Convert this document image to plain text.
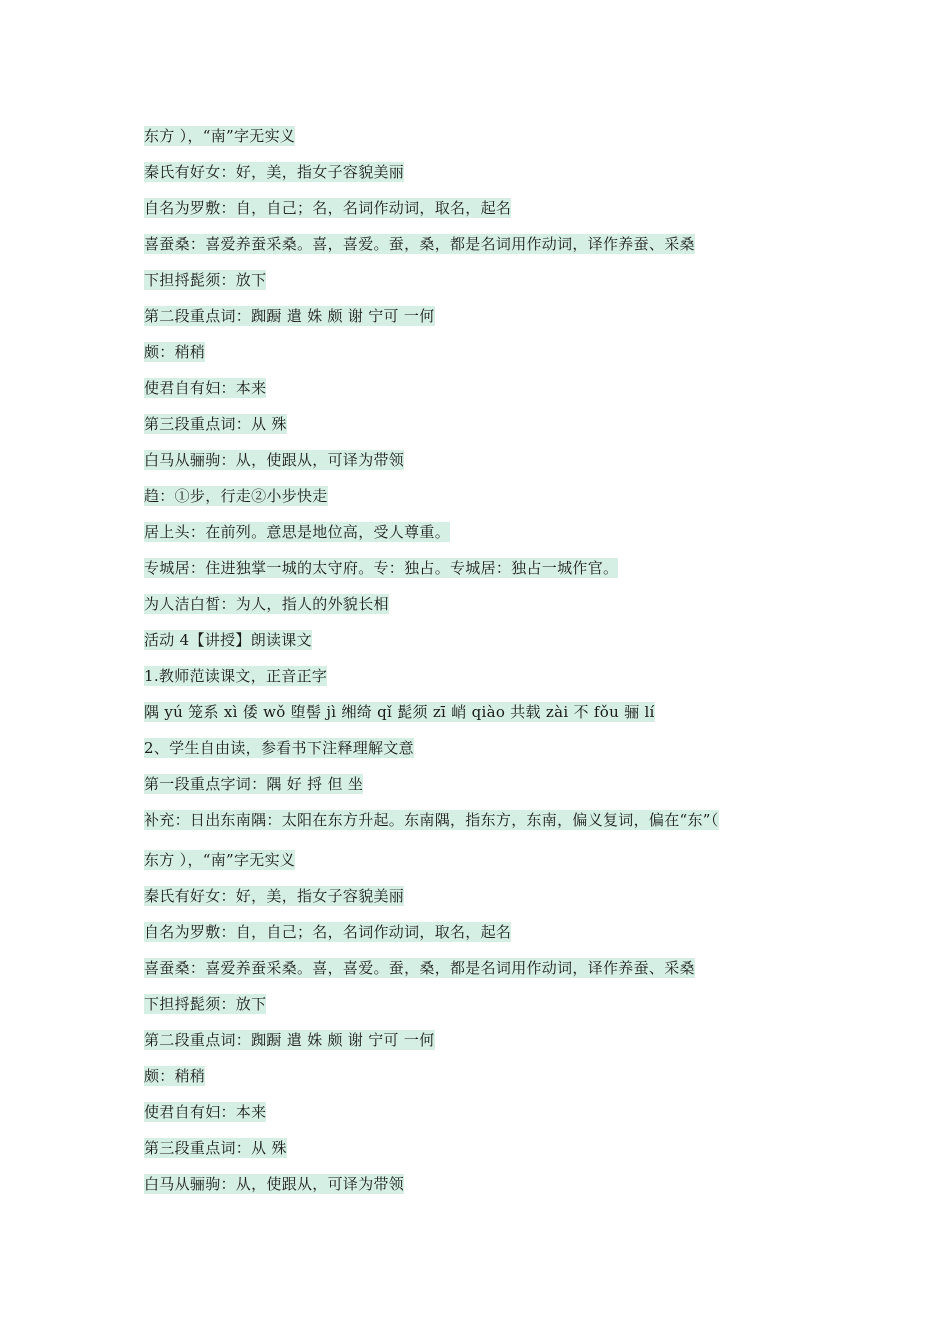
东方 ），“南”字无实义
秦氏有好女：好，美，指女子容貌美丽
自名为罗敷：自，自己；名，名词作动词，取名，起名
喜蚕桑：喜爱养蚕采桑。喜，喜爱。蚕，桑，都是名词用作动词，译作养蚕、采桑
下担捋髭须：放下
第二段重点词：踟蹰 遣 姝 颇 谢 宁可 一何
颇：稍稍
使君自有妇：本来
第三段重点词：从 殊
白马从骊驹：从，使跟从，可译为带领
趋：①步，行走②小步快走
居上头：在前列。意思是地位高，受人尊重。
专城居：住进独掌一城的太守府。专：独占。专城居：独占一城作官。
为人洁白皙：为人，指人的外貌长相
活动 4【讲授】朗读课文
1.教师范读课文，正音正字
隅 yú 笼系 xì 倭 wǒ 堕髻 jì 缃绮 qǐ 髭须 zī 峭 qiào 共载 zài 不 fǒu 骊 lí
2、学生自由读，参看书下注释理解文意
第一段重点字词：隅 好 捋 但 坐
补充：日出东南隅：太阳在东方升起。东南隅，指东方，东南，偏义复词，偏在“东”（
东方 ），“南”字无实义
秦氏有好女：好，美，指女子容貌美丽
自名为罗敷：自，自己；名，名词作动词，取名，起名
喜蚕桑：喜爱养蚕采桑。喜，喜爱。蚕，桑，都是名词用作动词，译作养蚕、采桑
下担捋髭须：放下
第二段重点词：踟蹰 遣 姝 颇 谢 宁可 一何
颇：稍稍
使君自有妇：本来
第三段重点词：从 殊
白马从骊驹：从，使跟从，可译为带领
